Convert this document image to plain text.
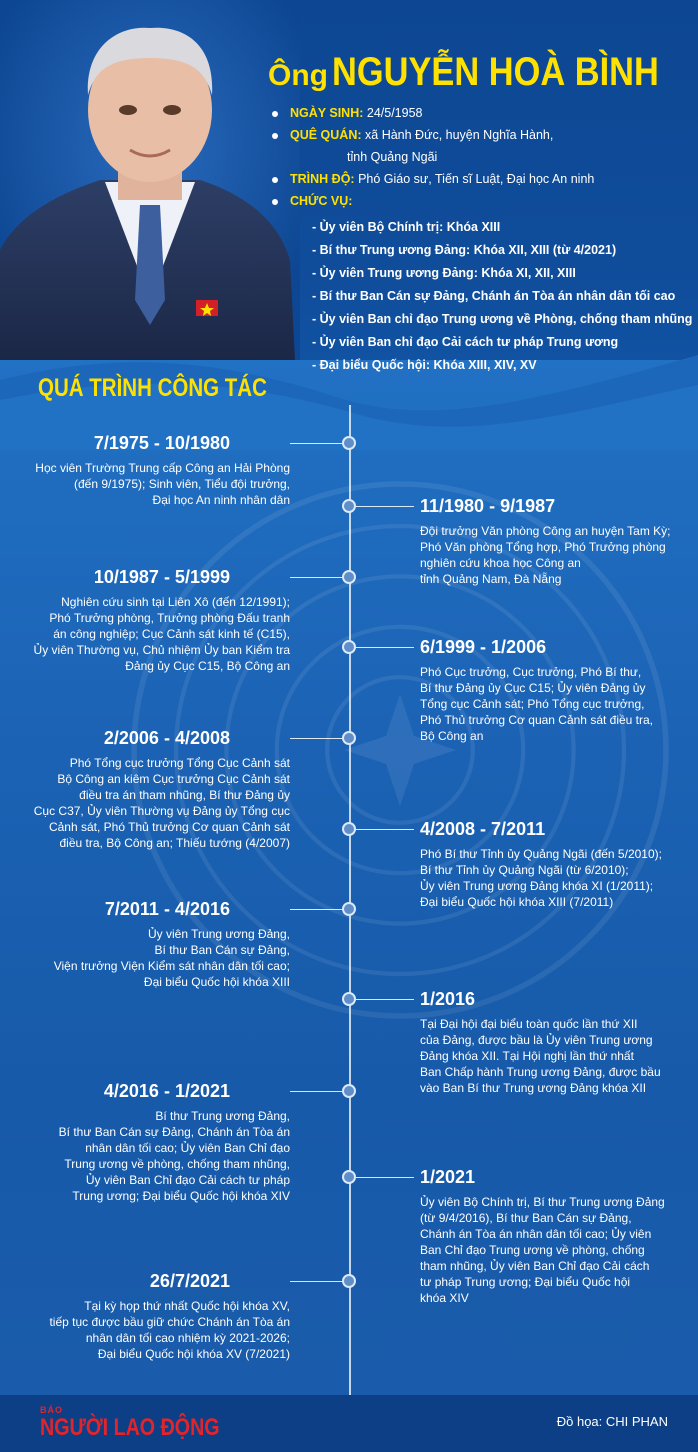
Ông NGUYỄN HOÀ BÌNH
NGÀY SINH: 24/5/1958
QUÊ QUÁN: xã Hành Đức, huyện Nghĩa Hành,
tỉnh Quảng Ngãi
TRÌNH ĐỘ: Phó Giáo sư, Tiến sĩ Luật, Đại học An ninh
CHỨC VỤ:
- Ủy viên Bộ Chính trị: Khóa XIII
- Bí thư Trung ương Đảng: Khóa XII, XIII (từ 4/2021)
- Ủy viên Trung ương Đảng: Khóa XI, XII, XIII
- Bí thư Ban Cán sự Đảng, Chánh án Tòa án nhân dân tối cao
- Ủy viên Ban chỉ đạo Trung ương về Phòng, chống tham nhũng
- Ủy viên Ban chỉ đạo Cải cách tư pháp Trung ương
- Đại biểu Quốc hội: Khóa XIII, XIV, XV
QUÁ TRÌNH CÔNG TÁC
7/1975 - 10/1980
Học viên Trường Trung cấp Công an Hải Phòng
(đến 9/1975); Sinh viên, Tiểu đội trưởng,
Đại học An ninh nhân dân	11/1980 - 9/1987
Đội trưởng Văn phòng Công an huyện Tam Kỳ;
Phó Văn phòng Tổng hợp, Phó Trưởng phòng
nghiên cứu khoa học Công an
tỉnh Quảng Nam, Đà Nẵng
10/1987 - 5/1999
Nghiên cứu sinh tại Liên Xô (đến 12/1991);
Phó Trưởng phòng, Trưởng phòng Đấu tranh
án công nghiệp; Cục Cảnh sát kinh tế (C15),
Ủy viên Thường vụ, Chủ nhiệm Ủy ban Kiểm tra
Đảng ủy Cục C15, Bộ Công an
6/1999 - 1/2006
Phó Cục trưởng, Cục trưởng, Phó Bí thư,
Bí thư Đảng ủy Cục C15; Ủy viên Đảng ủy
Tổng cục Cảnh sát; Phó Tổng cục trưởng,
Phó Thủ trưởng Cơ quan Cảnh sát điều tra,
Bộ Công an
2/2006 - 4/2008
Phó Tổng cục trưởng Tổng Cục Cảnh sát
Bộ Công an kiêm Cục trưởng Cục Cảnh sát
điều tra án tham nhũng, Bí thư Đảng ủy
Cục C37, Ủy viên Thường vụ Đảng ủy Tổng cục
Cảnh sát, Phó Thủ trưởng Cơ quan Cảnh sát
điều tra, Bộ Công an; Thiếu tướng (4/2007)
4/2008 - 7/2011
Phó Bí thư Tỉnh ủy Quảng Ngãi (đến 5/2010);
Bí thư Tỉnh ủy Quảng Ngãi (từ 6/2010);
Ủy viên Trung ương Đảng khóa XI (1/2011);
Đại biểu Quốc hội khóa XIII (7/2011)
7/2011 - 4/2016
Ủy viên Trung ương Đảng,
Bí thư Ban Cán sự Đảng,
Viện trưởng Viện Kiểm sát nhân dân tối cao;
Đại biểu Quốc hội khóa XIII
1/2016
Tại Đại hội đại biểu toàn quốc lần thứ XII
của Đảng, được bầu là Ủy viên Trung ương
Đảng khóa XII. Tại Hội nghị lần thứ nhất
Ban Chấp hành Trung ương Đảng, được bầu
vào Ban Bí thư Trung ương Đảng khóa XII
4/2016 - 1/2021
Bí thư Trung ương Đảng,
Bí thư Ban Cán sự Đảng, Chánh án Tòa án
nhân dân tối cao; Ủy viên Ban Chỉ đạo
Trung ương về phòng, chống tham nhũng,
Ủy viên Ban Chỉ đạo Cải cách tư pháp
Trung ương; Đại biểu Quốc hội khóa XIV
1/2021
Ủy viên Bộ Chính trị, Bí thư Trung ương Đảng
(từ 9/4/2016), Bí thư Ban Cán sự Đảng,
Chánh án Tòa án nhân dân tối cao; Ủy viên
Ban Chỉ đạo Trung ương về phòng, chống
tham nhũng, Ủy viên Ban Chỉ đạo Cải cách
tư pháp Trung ương; Đại biểu Quốc hội
khóa XIV
26/7/2021
Tại kỳ họp thứ nhất Quốc hội khóa XV,
tiếp tục được bầu giữ chức Chánh án Tòa án
nhân dân tối cao nhiệm kỳ 2021-2026;
Đại biểu Quốc hội khóa XV (7/2021)
BÁO
NGƯỜI LAO ĐỘNG	Đồ họa: CHI PHAN
